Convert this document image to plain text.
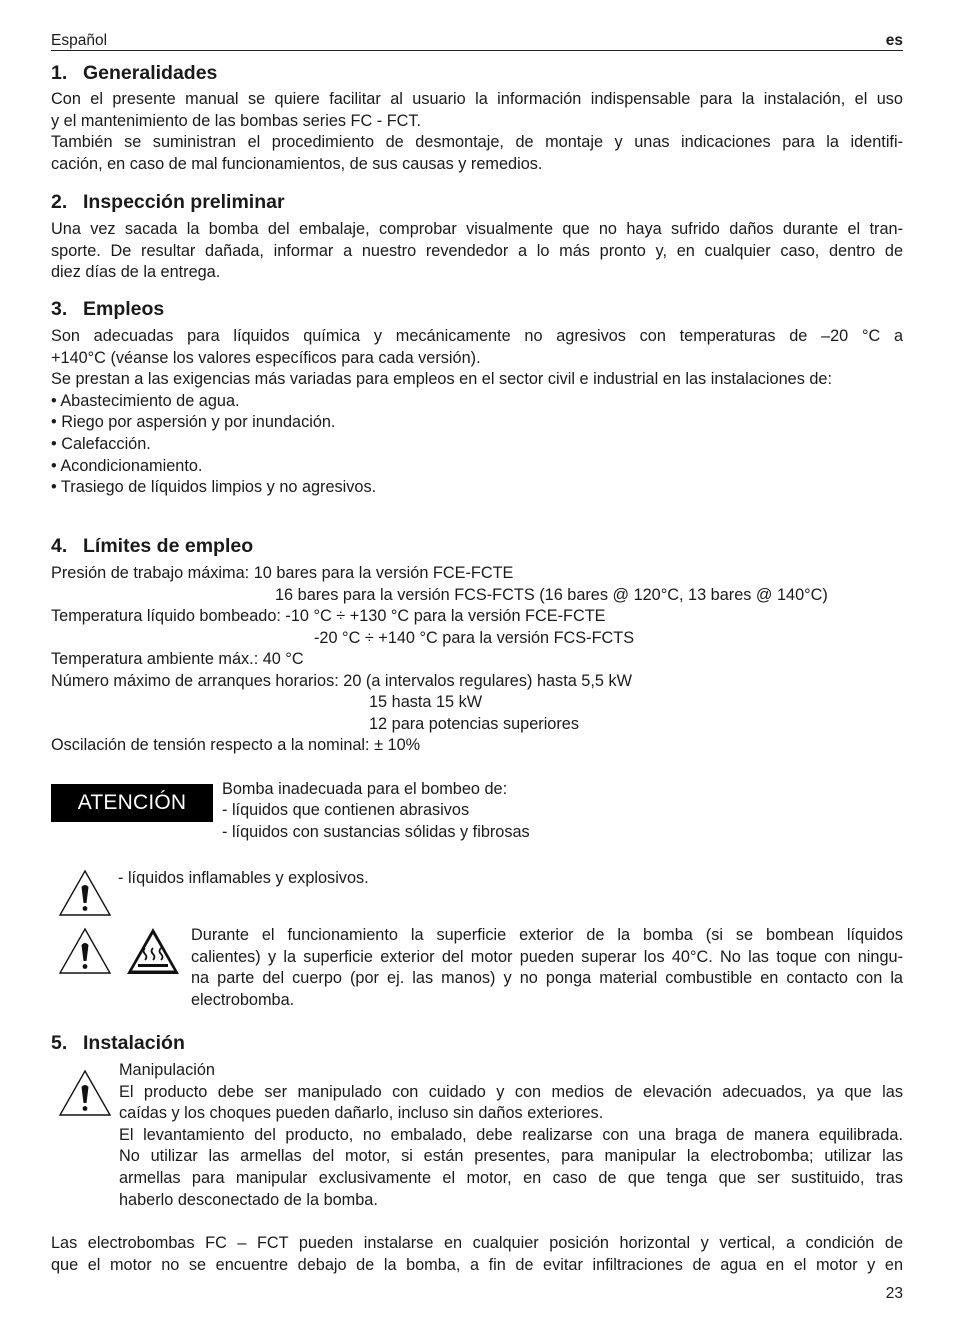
Español	es
1. Generalidades

Con el presente manual se quiere facilitar al usuario la información indispensable para la instalación, el uso

y el mantenimiento de las bombas series FC - FCT.

También se suministran el procedimiento de desmontaje, de montaje y unas indicaciones para la identifi-

cación, en caso de mal funcionamientos, de sus causas y remedios.

2. Inspección preliminar

Una vez sacada la bomba del embalaje, comprobar visualmente que no haya sufrido daños durante el tran-

sporte. De resultar dañada, informar a nuestro revendedor a lo más pronto y, en cualquier caso, dentro de

diez días de la entrega.

3. Empleos

Son adecuadas para líquidos química y mecánicamente no agresivos con temperaturas de –20 °C a

+140°C (véanse los valores específicos para cada versión).

Se prestan a las exigencias más variadas para empleos en el sector civil e industrial en las instalaciones de:

• Abastecimiento de agua.

• Riego por aspersión y por inundación.

• Calefacción.

• Acondicionamiento.

• Trasiego de líquidos limpios y no agresivos.

4. Límites de empleo
Presión de trabajo máxima: 10 bares para la versión FCE-FCTE
16 bares para la versión FCS-FCTS (16 bares @ 120°C, 13 bares @ 140°C)
Temperatura líquido bombeado: -10 °C ÷ +130 °C para la versión FCE-FCTE
-20 °C ÷ +140 °C para la versión FCS-FCTS
Temperatura ambiente máx.: 40 °C
Número máximo de arranques horarios: 20 (a intervalos regulares) hasta 5,5 kW
15 hasta 15 kW
12 para potencias superiores
Oscilación de tensión respecto a la nominal: ± 10%
ATENCIÓN
Bomba inadecuada para el bombeo de:
- líquidos que contienen abrasivos
- líquidos con sustancias sólidas y fibrosas
- líquidos inflamables y explosivos.

Durante el funcionamiento la superficie exterior de la bomba (si se bombean líquidos

calientes) y la superficie exterior del motor pueden superar los 40°C. No las toque con ningu-

na parte del cuerpo (por ej. las manos) y no ponga material combustible en contacto con la

electrobomba.

5. Instalación

Manipulación

El producto debe ser manipulado con cuidado y con medios de elevación adecuados, ya que las

caídas y los choques pueden dañarlo, incluso sin daños exteriores.

El levantamiento del producto, no embalado, debe realizarse con una braga de manera equilibrada.

No utilizar las armellas del motor, si están presentes, para manipular la electrobomba; utilizar las

armellas para manipular exclusivamente el motor, en caso de que tenga que ser sustituido, tras

haberlo desconectado de la bomba.

Las electrobombas FC – FCT pueden instalarse en cualquier posición horizontal y vertical, a condición de

que el motor no se encuentre debajo de la bomba, a fin de evitar infiltraciones de agua en el motor y en

23
